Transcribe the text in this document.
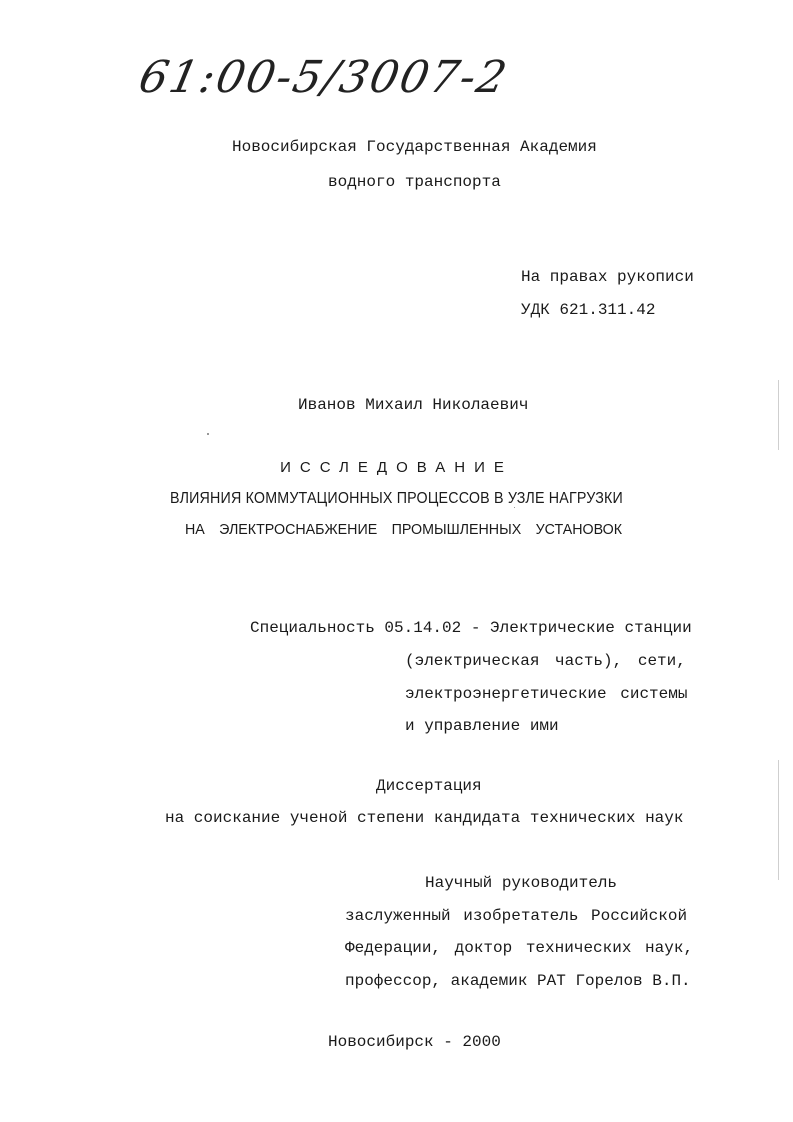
61:00-5/3007-2
Новосибирская Государственная Академия
водного транспорта
На правах рукописи
УДК 621.311.42
Иванов Михаил Николаевич
ИССЛЕДОВАНИЕ
ВЛИЯНИЯ КОММУТАЦИОННЫХ ПРОЦЕССОВ В УЗЛЕ НАГРУЗКИ
НА ЭЛЕКТРОСНАБЖЕНИЕ ПРОМЫШЛЕННЫХ УСТАНОВОК
Специальность 05.14.02 - Электрические станции
(электрическая часть), сети,
электроэнергетические системы
и управление ими
Диссертация
на соискание ученой степени кандидата технических наук
Научный руководитель
заслуженный изобретатель Российской
Федерации, доктор технических наук,
профессор, академик РАТ Горелов В.П.
Новосибирск - 2000
